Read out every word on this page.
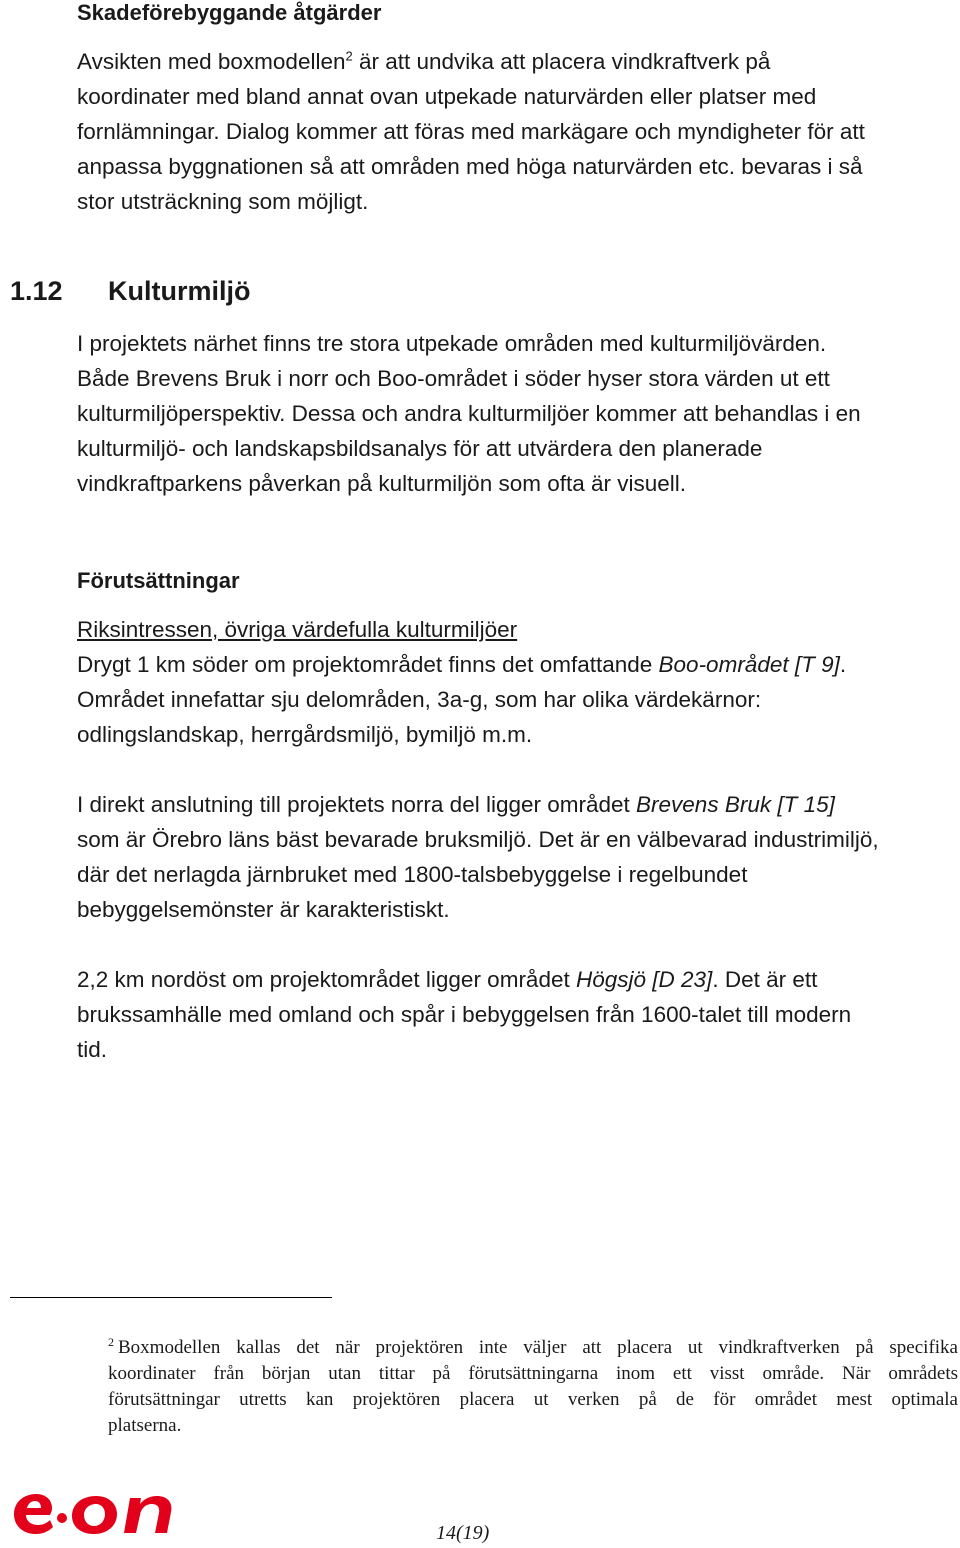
Skadeförebyggande åtgärder
Avsikten med boxmodellen$^2$ är att undvika att placera vindkraftverk på
koordinater med bland annat ovan utpekade naturvärden eller platser med
fornlämningar. Dialog kommer att föras med markägare och myndigheter för att
anpassa byggnationen så att områden med höga naturvärden etc. bevaras i så
stor utsträckning som möjligt.
1.12 Kulturmiljö
I projektets närhet finns tre stora utpekade områden med kulturmiljövärden.
Både Brevens Bruk i norr och Boo-området i söder hyser stora värden ut ett
kulturmiljöperspektiv. Dessa och andra kulturmiljöer kommer att behandlas i en
kulturmiljö- och landskapsbildsanalys för att utvärdera den planerade
vindkraftparkens påverkan på kulturmiljön som ofta är visuell.
Förutsättningar
Riksintressen, övriga värdefulla kulturmiljöer
Drygt 1 km söder om projektområdet finns det omfattande Boo-området [T 9].
Området innefattar sju delområden, 3a-g, som har olika värdekärnor:
odlingslandskap, herrgårdsmiljö, bymiljö m.m.
I direkt anslutning till projektets norra del ligger området Brevens Bruk [T 15]
som är Örebro läns bäst bevarade bruksmiljö. Det är en välbevarad industrimiljö,
där det nerlagda järnbruket med 1800-talsbebyggelse i regelbundet
bebyggelsemönster är karakteristiskt.
2,2 km nordöst om projektområdet ligger området Högsjö [D 23]. Det är ett
brukssamhälle med omland och spår i bebyggelsen från 1600-talet till modern
tid.
$^2$ Boxmodellen kallas det när projektören inte väljer att placera ut vindkraftverken på specifika
koordinater från början utan tittar på förutsättningarna inom ett visst område. När områdets
förutsättningar utretts kan projektören placera ut verken på de för området mest optimala
platserna.
14(19)
